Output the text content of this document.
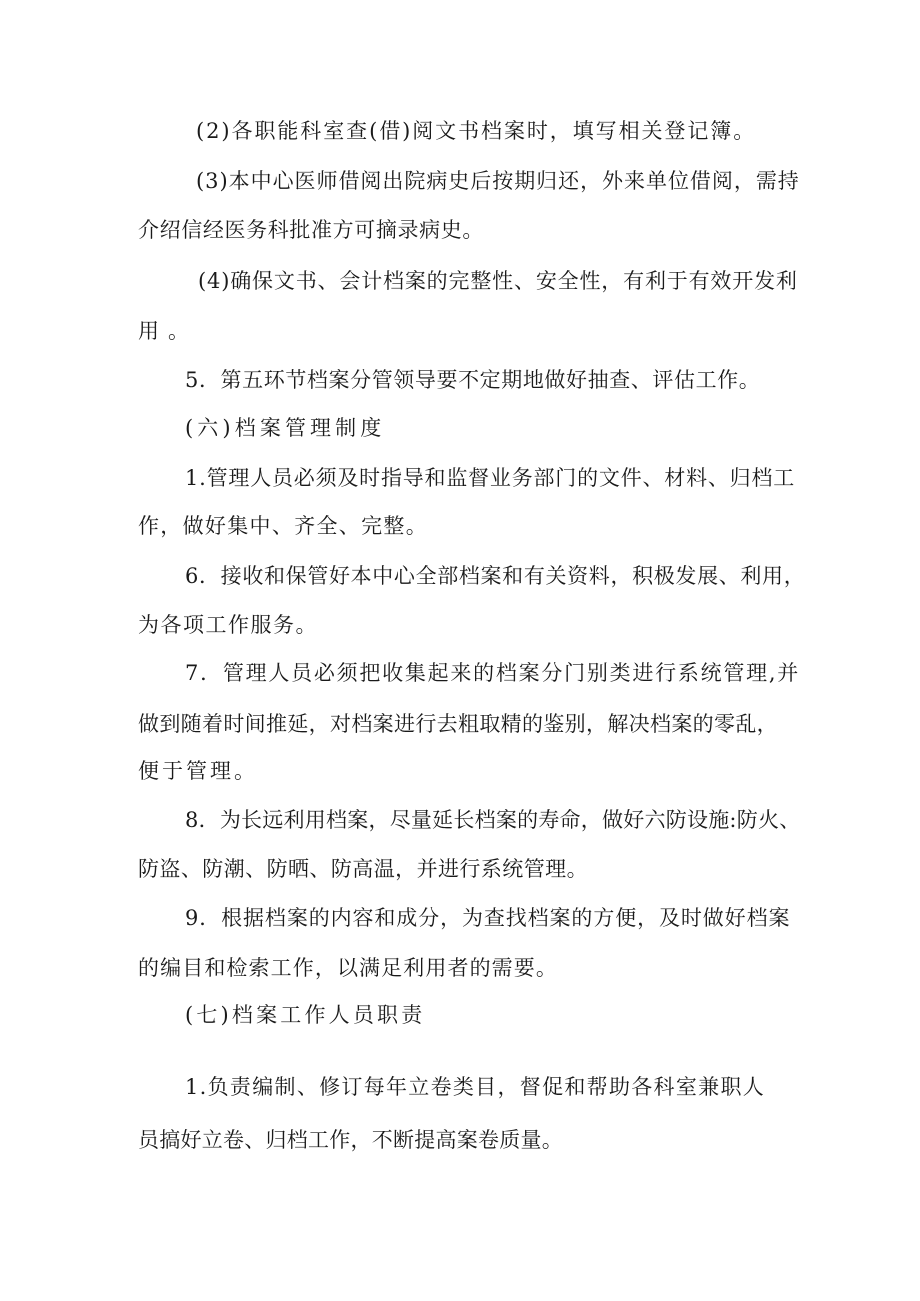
(2)各职能科室查(借)阅文书档案时，填写相关登记簿。
(3)本中心医师借阅出院病史后按期归还，外来单位借阅，需持
介绍信经医务科批准方可摘录病史。
(4)确保文书、会计档案的完整性、安全性，有利于有效开发利
用。
5．第五环节档案分管领导要不定期地做好抽查、评估工作。
(六)档案管理制度
1.管理人员必须及时指导和监督业务部门的文件、材料、归档工
作，做好集中、齐全、完整。
6．接收和保管好本中心全部档案和有关资料，积极发展、利用，
为各项工作服务。
7．管理人员必须把收集起来的档案分门别类进行系统管理,并
做到随着时间推延，对档案进行去粗取精的鉴别，解决档案的零乱，
便于管理。
8．为长远利用档案，尽量延长档案的寿命，做好六防设施:防火、
防盗、防潮、防晒、防高温，并进行系统管理。
9．根据档案的内容和成分，为查找档案的方便，及时做好档案
的编目和检索工作，以满足利用者的需要。
(七)档案工作人员职责
1.负责编制、修订每年立卷类目，督促和帮助各科室兼职人
员搞好立卷、归档工作，不断提高案卷质量。
